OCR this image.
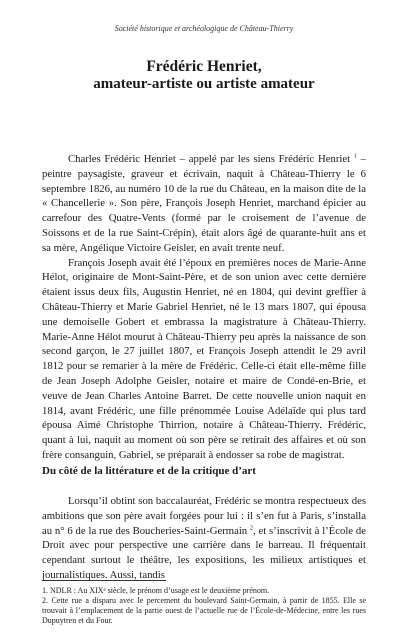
Société historique et archéologique de Château-Thierry
Frédéric Henriet,
amateur-artiste ou artiste amateur

Charles Frédéric Henriet – appelé par les siens Frédéric Henriet $^1$ – peintre paysagiste, graveur et écrivain, naquit à Château-Thierry le 6 septembre 1826, au numéro 10 de la rue du Château, en la maison dite de la « Chancellerie ». Son père, François Joseph Henriet, marchand épicier au carrefour des Quatre-Vents (formé par le croisement de l’avenue de Soissons et de la rue Saint-Crépin), était alors âgé de quarante-huit ans et sa mère, Angélique Victoire Geisler, en avait trente neuf.

François Joseph avait été l’époux en premières noces de Marie-Anne Hélot, originaire de Mont-Saint-Père, et de son union avec cette dernière étaient issus deux fils, Augustin Henriet, né en 1804, qui devint greffier à Château-Thierry et Marie Gabriel Henriet, né le 13 mars 1807, qui épousa une demoiselle Gobert et embrassa la magistrature à Château-Thierry. Marie-Anne Hélot mourut à Château-Thierry peu après la naissance de son second garçon, le 27 juillet 1807, et François Joseph attendit le 29 avril 1812 pour se remarier à la mère de Frédéric. Celle-ci était elle-même fille de Jean Joseph Adolphe Geisler, notaire et maire de Condé-en-Brie, et veuve de Jean Charles Antoine Barret. De cette nouvelle union naquit en 1814, avant Frédéric, une fille prénommée Louise Adélaïde qui plus tard épousa Aimé Christophe Thirrion, notaire à Château-Thierry. Frédéric, quant à lui, naquit au moment où son père se retirait des affaires et où son frère consanguin, Gabriel, se préparait à endosser sa robe de magistrat.

Du côté de la littérature et de la critique d’art

Lorsqu’il obtint son baccalauréat, Frédéric se montra respectueux des ambitions que son père avait forgées pour lui : il s’en fut à Paris, s’installa au n° 6 de la rue des Boucheries-Saint-Germain $^2$, et s’inscrivit à l’École de Droit avec pour perspective une carrière dans le barreau. Il fréquentait cependant surtout le théâtre, les expositions, les milieux artistiques et journalistiques. Aussi, tandis

1. NDLR : Au XIXᵉ siècle, le prénom d’usage est le deuxième prénom.
2. Cette rue a disparu avec le percement du boulevard Saint-Germain, à partir de 1855. Elle se trouvait à l’emplacement de la partie ouest de l’actuelle rue de l’École-de-Médecine, entre les rues Dupuytren et du Four.
